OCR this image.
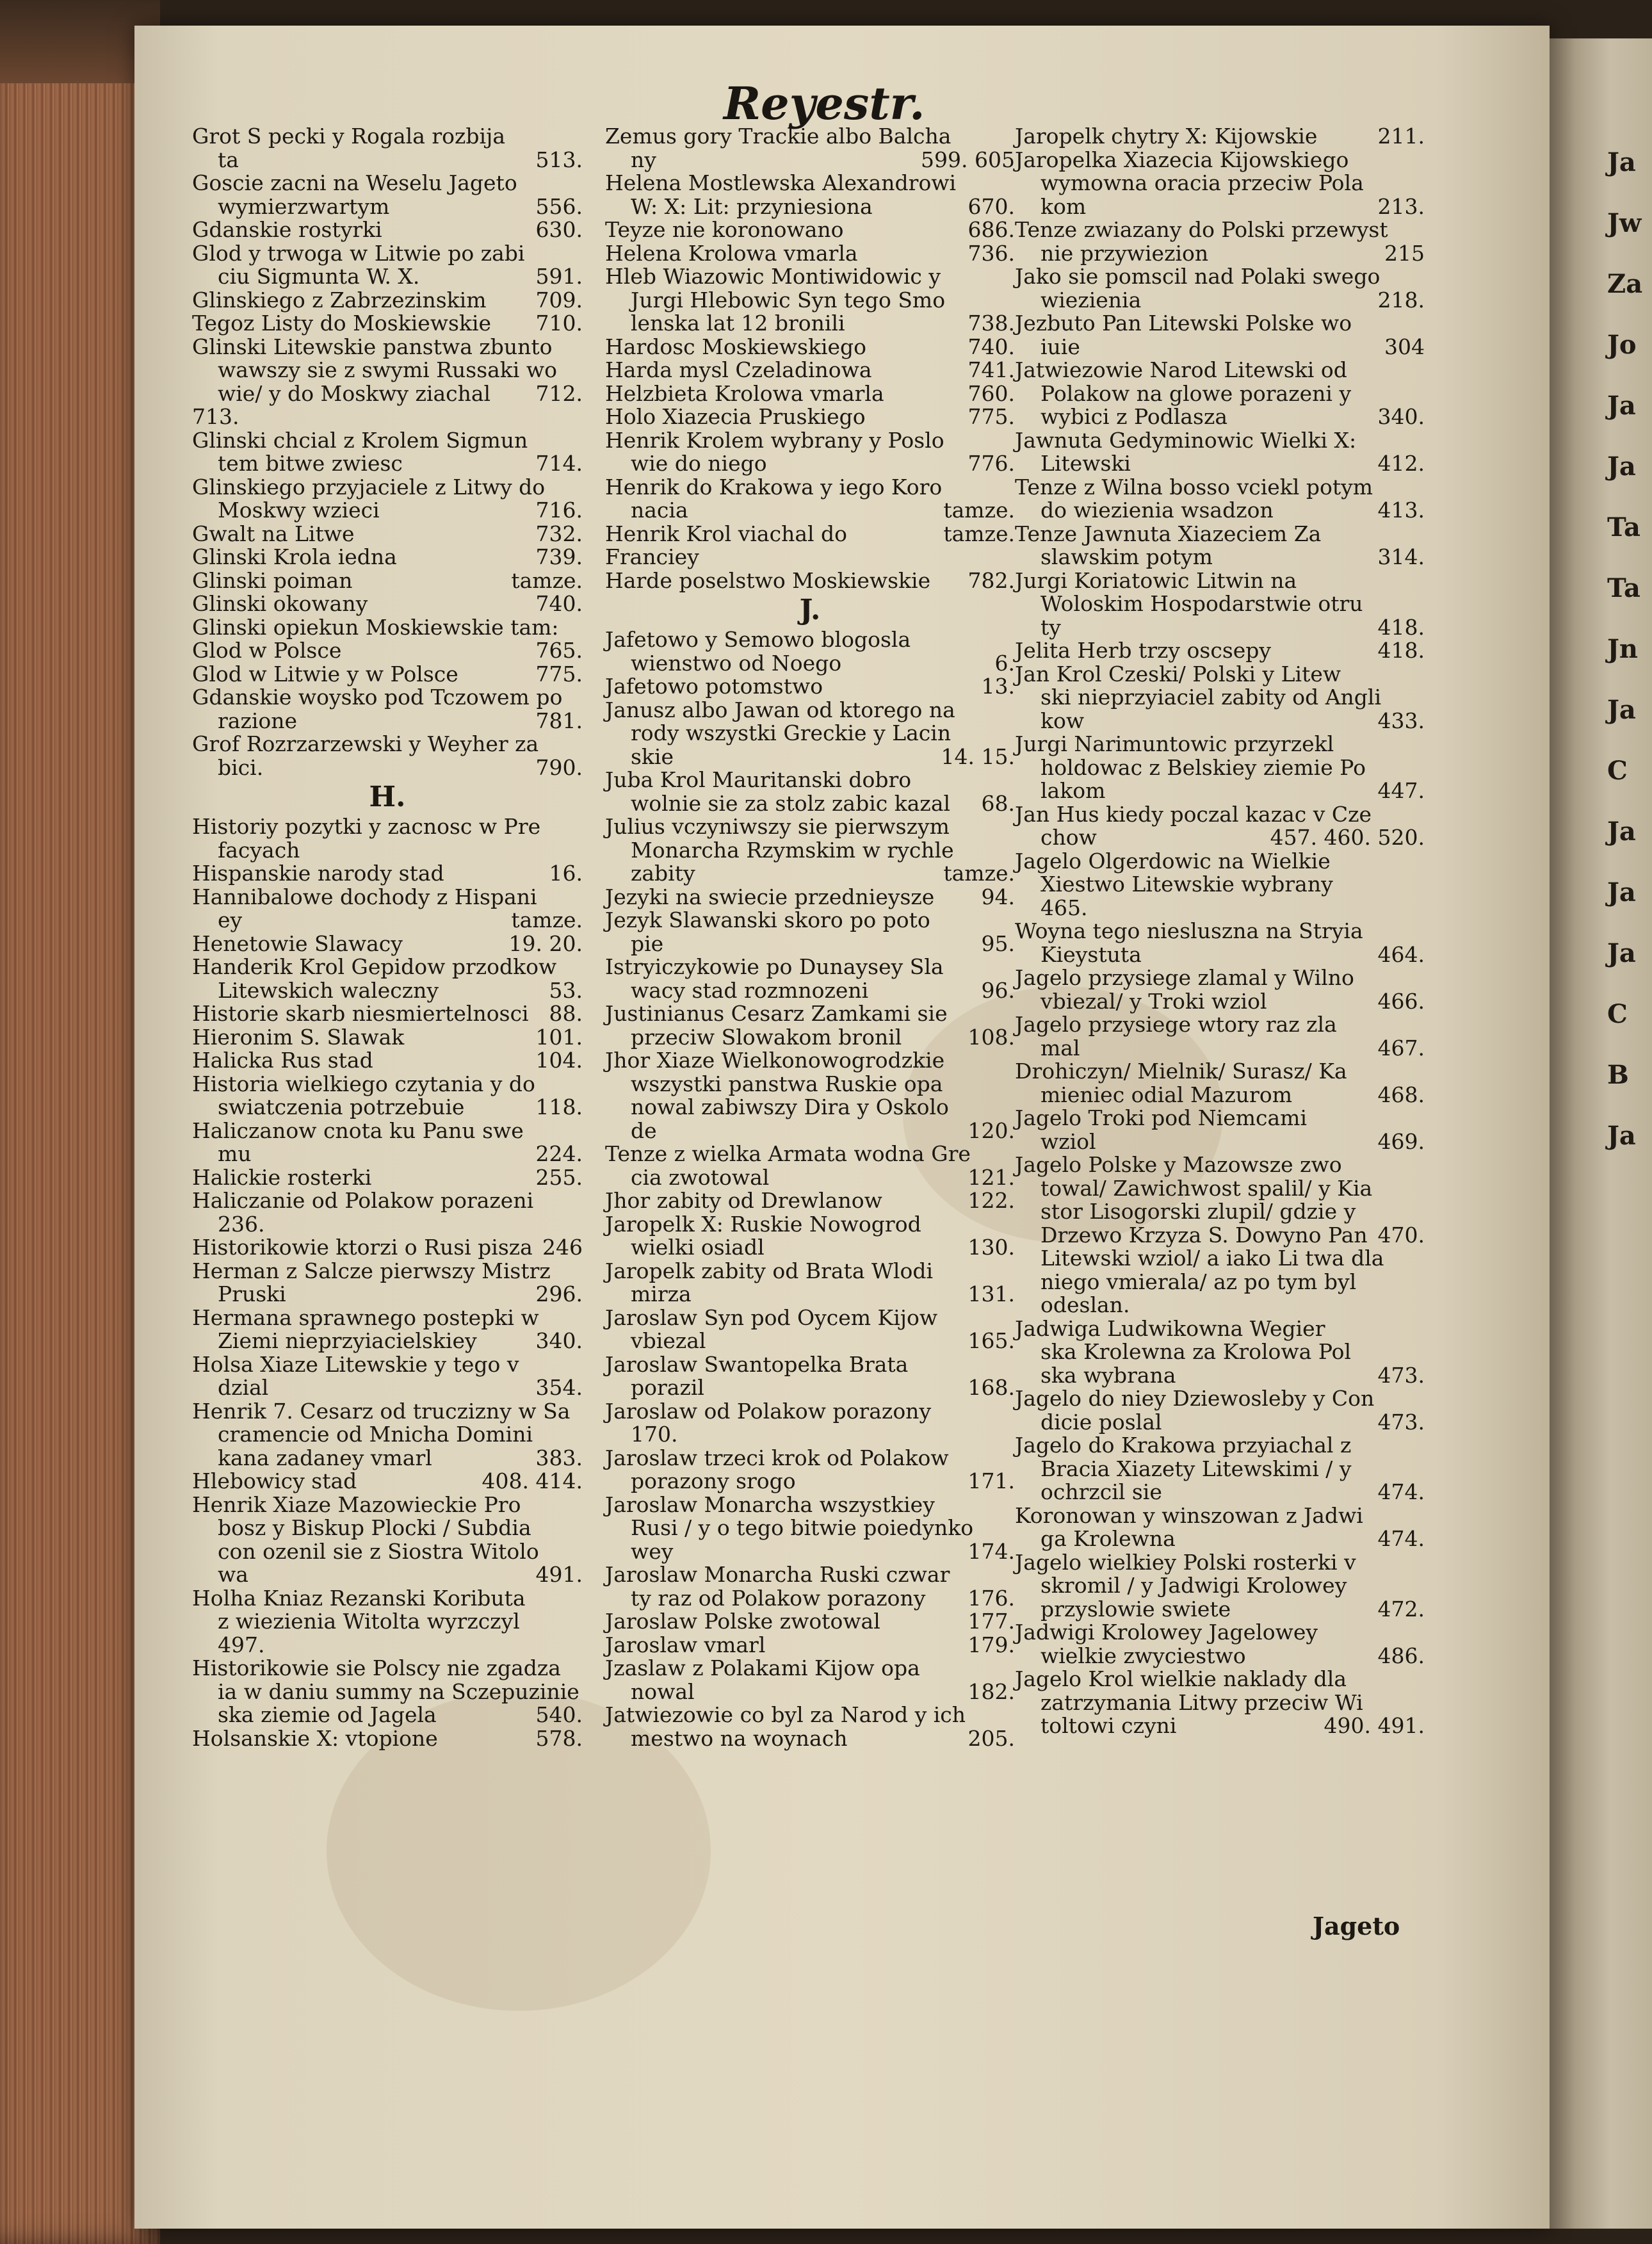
Ja
Jw
Za
Jo
Ja
Ja
Ta
Ta
Jn
Ja
C
Ja
Ja
Ja
C
B
Ja
Reyestr.
Grot S pecki y Rogala rozbija

513.
ta
Goscie zacni na Weselu Jageto

556.
wymierzwartym
630.
Gdanskie rostyrki
Glod y trwoga w Litwie po zabi

591.
ciu Sigmunta W. X.
709.
Glinskiego z Zabrzezinskim
710.
Tegoz Listy do Moskiewskie
Glinski Litewskie panstwa zbunto

wawszy sie z swymi Russaki wo
712.
wie/ y do Moskwy ziachal
713.
Glinski chcial z Krolem Sigmun

714.
tem bitwe zwiesc
Glinskiego przyjaciele z Litwy do

716.
Moskwy wzieci
732.
Gwalt na Litwe
739.
Glinski Krola iedna
tamze.
Glinski poiman
740.
Glinski okowany
Glinski opiekun Moskiewskie tam:
765.
Glod w Polsce
775.
Glod w Litwie y w Polsce
Gdanskie woysko pod Tczowem po

781.
razione
Grof Rozrzarzewski y Weyher za

790.
bici.
H.
Historiy pozytki y zacnosc w Pre

facyach
16.
Hispanskie narody stad
Hannibalowe dochody z Hispani

tamze.
ey
19. 20.
Henetowie Slawacy
Handerik Krol Gepidow przodkow

53.
Litewskich waleczny
88.
Historie skarb niesmiertelnosci
101.
Hieronim S. Slawak
104.
Halicka Rus stad
Historia wielkiego czytania y do

118.
swiatczenia potrzebuie
Haliczanow cnota ku Panu swe

224.
mu
255.
Halickie rosterki
Haliczanie od Polakow porazeni

236.
246
Historikowie ktorzi o Rusi pisza
Herman z Salcze pierwszy Mistrz

296.
Pruski
Hermana sprawnego postepki w

340.
Ziemi nieprzyiacielskiey
Holsa Xiaze Litewskie y tego v

354.
dzial
Henrik 7. Cesarz od truczizny w Sa

cramencie od Mnicha Domini
383.
kana zadaney vmarl
408. 414.
Hlebowicy stad
Henrik Xiaze Mazowieckie Pro

bosz y Biskup Plocki / Subdia
con ozenil sie z Siostra Witolo
491.
wa
Holha Kniaz Rezanski Koributa

z wiezienia Witolta wyrzczyl
497.
Historikowie sie Polscy nie zgadza

ia w daniu summy na Sczepuzinie
540.
ska ziemie od Jagela
578.
Holsanskie X: vtopione
Zemus gory Trackie albo Balcha

599. 605
ny
Helena Mostlewska Alexandrowi

670.
W: X: Lit: przyniesiona
686.
Teyze nie koronowano
736.
Helena Krolowa vmarla
Hleb Wiazowic Montiwidowic y

Jurgi Hlebowic Syn tego Smo
738.
lenska lat 12 bronili
740.
Hardosc Moskiewskiego
741.
Harda mysl Czeladinowa
760.
Helzbieta Krolowa vmarla
775.
Holo Xiazecia Pruskiego
Henrik Krolem wybrany y Poslo

776.
wie do niego
Henrik do Krakowa y iego Koro

tamze.
nacia
tamze.
Henrik Krol viachal do Franciey
782.
Harde poselstwo Moskiewskie
J.
Jafetowo y Semowo blogosla

6.
wienstwo od Noego
13.
Jafetowo potomstwo
Janusz albo Jawan od ktorego na

rody wszystki Greckie y Lacin
14. 15.
skie
Juba Krol Mauritanski dobro

68.
wolnie sie za stolz zabic kazal
Julius vczyniwszy sie pierwszym

Monarcha Rzymskim w rychle
tamze.
zabity
94.
Jezyki na swiecie przednieysze
Jezyk Slawanski skoro po poto

95.
pie
Istryiczykowie po Dunaysey Sla

96.
wacy stad rozmnozeni
Justinianus Cesarz Zamkami sie

108.
przeciw Slowakom bronil
Jhor Xiaze Wielkonowogrodzkie

wszystki panstwa Ruskie opa
nowal zabiwszy Dira y Oskolo
120.
de
Tenze z wielka Armata wodna Gre

121.
cia zwotowal
122.
Jhor zabity od Drewlanow
Jaropelk X: Ruskie Nowogrod

130.
wielki osiadl
Jaropelk zabity od Brata Wlodi

131.
mirza
Jaroslaw Syn pod Oycem Kijow

165.
vbiezal
Jaroslaw Swantopelka Brata

168.
porazil
Jaroslaw od Polakow porazony

170.
Jaroslaw trzeci krok od Polakow

171.
porazony srogo
Jaroslaw Monarcha wszystkiey

Rusi / y o tego bitwie poiedynko
174.
wey
Jaroslaw Monarcha Ruski czwar

176.
ty raz od Polakow porazony
177.
Jaroslaw Polske zwotowal
179.
Jaroslaw vmarl
Jzaslaw z Polakami Kijow opa

182.
nowal
Jatwiezowie co byl za Narod y ich

205.
mestwo na woynach
211.
Jaropelk chytry X: Kijowskie
Jaropelka Xiazecia Kijowskiego

wymowna oracia przeciw Pola
213.
kom
Tenze zwiazany do Polski przewyst

215
nie przywiezion
Jako sie pomscil nad Polaki swego

218.
wiezienia
Jezbuto Pan Litewski Polske wo

304
iuie
Jatwiezowie Narod Litewski od

Polakow na glowe porazeni y
340.
wybici z Podlasza
Jawnuta Gedyminowic Wielki X:

412.
Litewski
Tenze z Wilna bosso vciekl potym

413.
do wiezienia wsadzon
Tenze Jawnuta Xiazeciem Za

314.
slawskim potym
Jurgi Koriatowic Litwin na

Woloskim Hospodarstwie otru
418.
ty
418.
Jelita Herb trzy oscsepy
Jan Krol Czeski/ Polski y Litew

ski nieprzyiaciel zabity od Angli
433.
kow
Jurgi Narimuntowic przyrzekl

holdowac z Belskiey ziemie Po
447.
lakom
Jan Hus kiedy poczal kazac v Cze

457. 460. 520.
chow
Jagelo Olgerdowic na Wielkie

Xiestwo Litewskie wybrany
465.
Woyna tego niesluszna na Stryia

464.
Kieystuta
Jagelo przysiege zlamal y Wilno

466.
vbiezal/ y Troki wziol
Jagelo przysiege wtory raz zla

467.
mal
Drohiczyn/ Mielnik/ Surasz/ Ka

468.
mieniec odial Mazurom
Jagelo Troki pod Niemcami

469.
wziol
Jagelo Polske y Mazowsze zwo

towal/ Zawichwost spalil/ y Kia
stor Lisogorski zlupil/ gdzie y
470.
Drzewo Krzyza S. Dowyno Pan Litewski wziol/ a iako Li twa dla niego vmierala/ az po tym byl odeslan.
Jadwiga Ludwikowna Wegier

ska Krolewna za Krolowa Pol
473.
ska wybrana
Jagelo do niey Dziewosleby y Con

473.
dicie poslal
Jagelo do Krakowa przyiachal z

Bracia Xiazety Litewskimi / y
474.
ochrzcil sie
Koronowan y winszowan z Jadwi

474.
ga Krolewna
Jagelo wielkiey Polski rosterki v

skromil / y Jadwigi Krolowey
472.
przyslowie swiete
Jadwigi Krolowey Jagelowey

486.
wielkie zwyciestwo
Jagelo Krol wielkie naklady dla

zatrzymania Litwy przeciw Wi
490. 491.
toltowi czyni
Jageto
